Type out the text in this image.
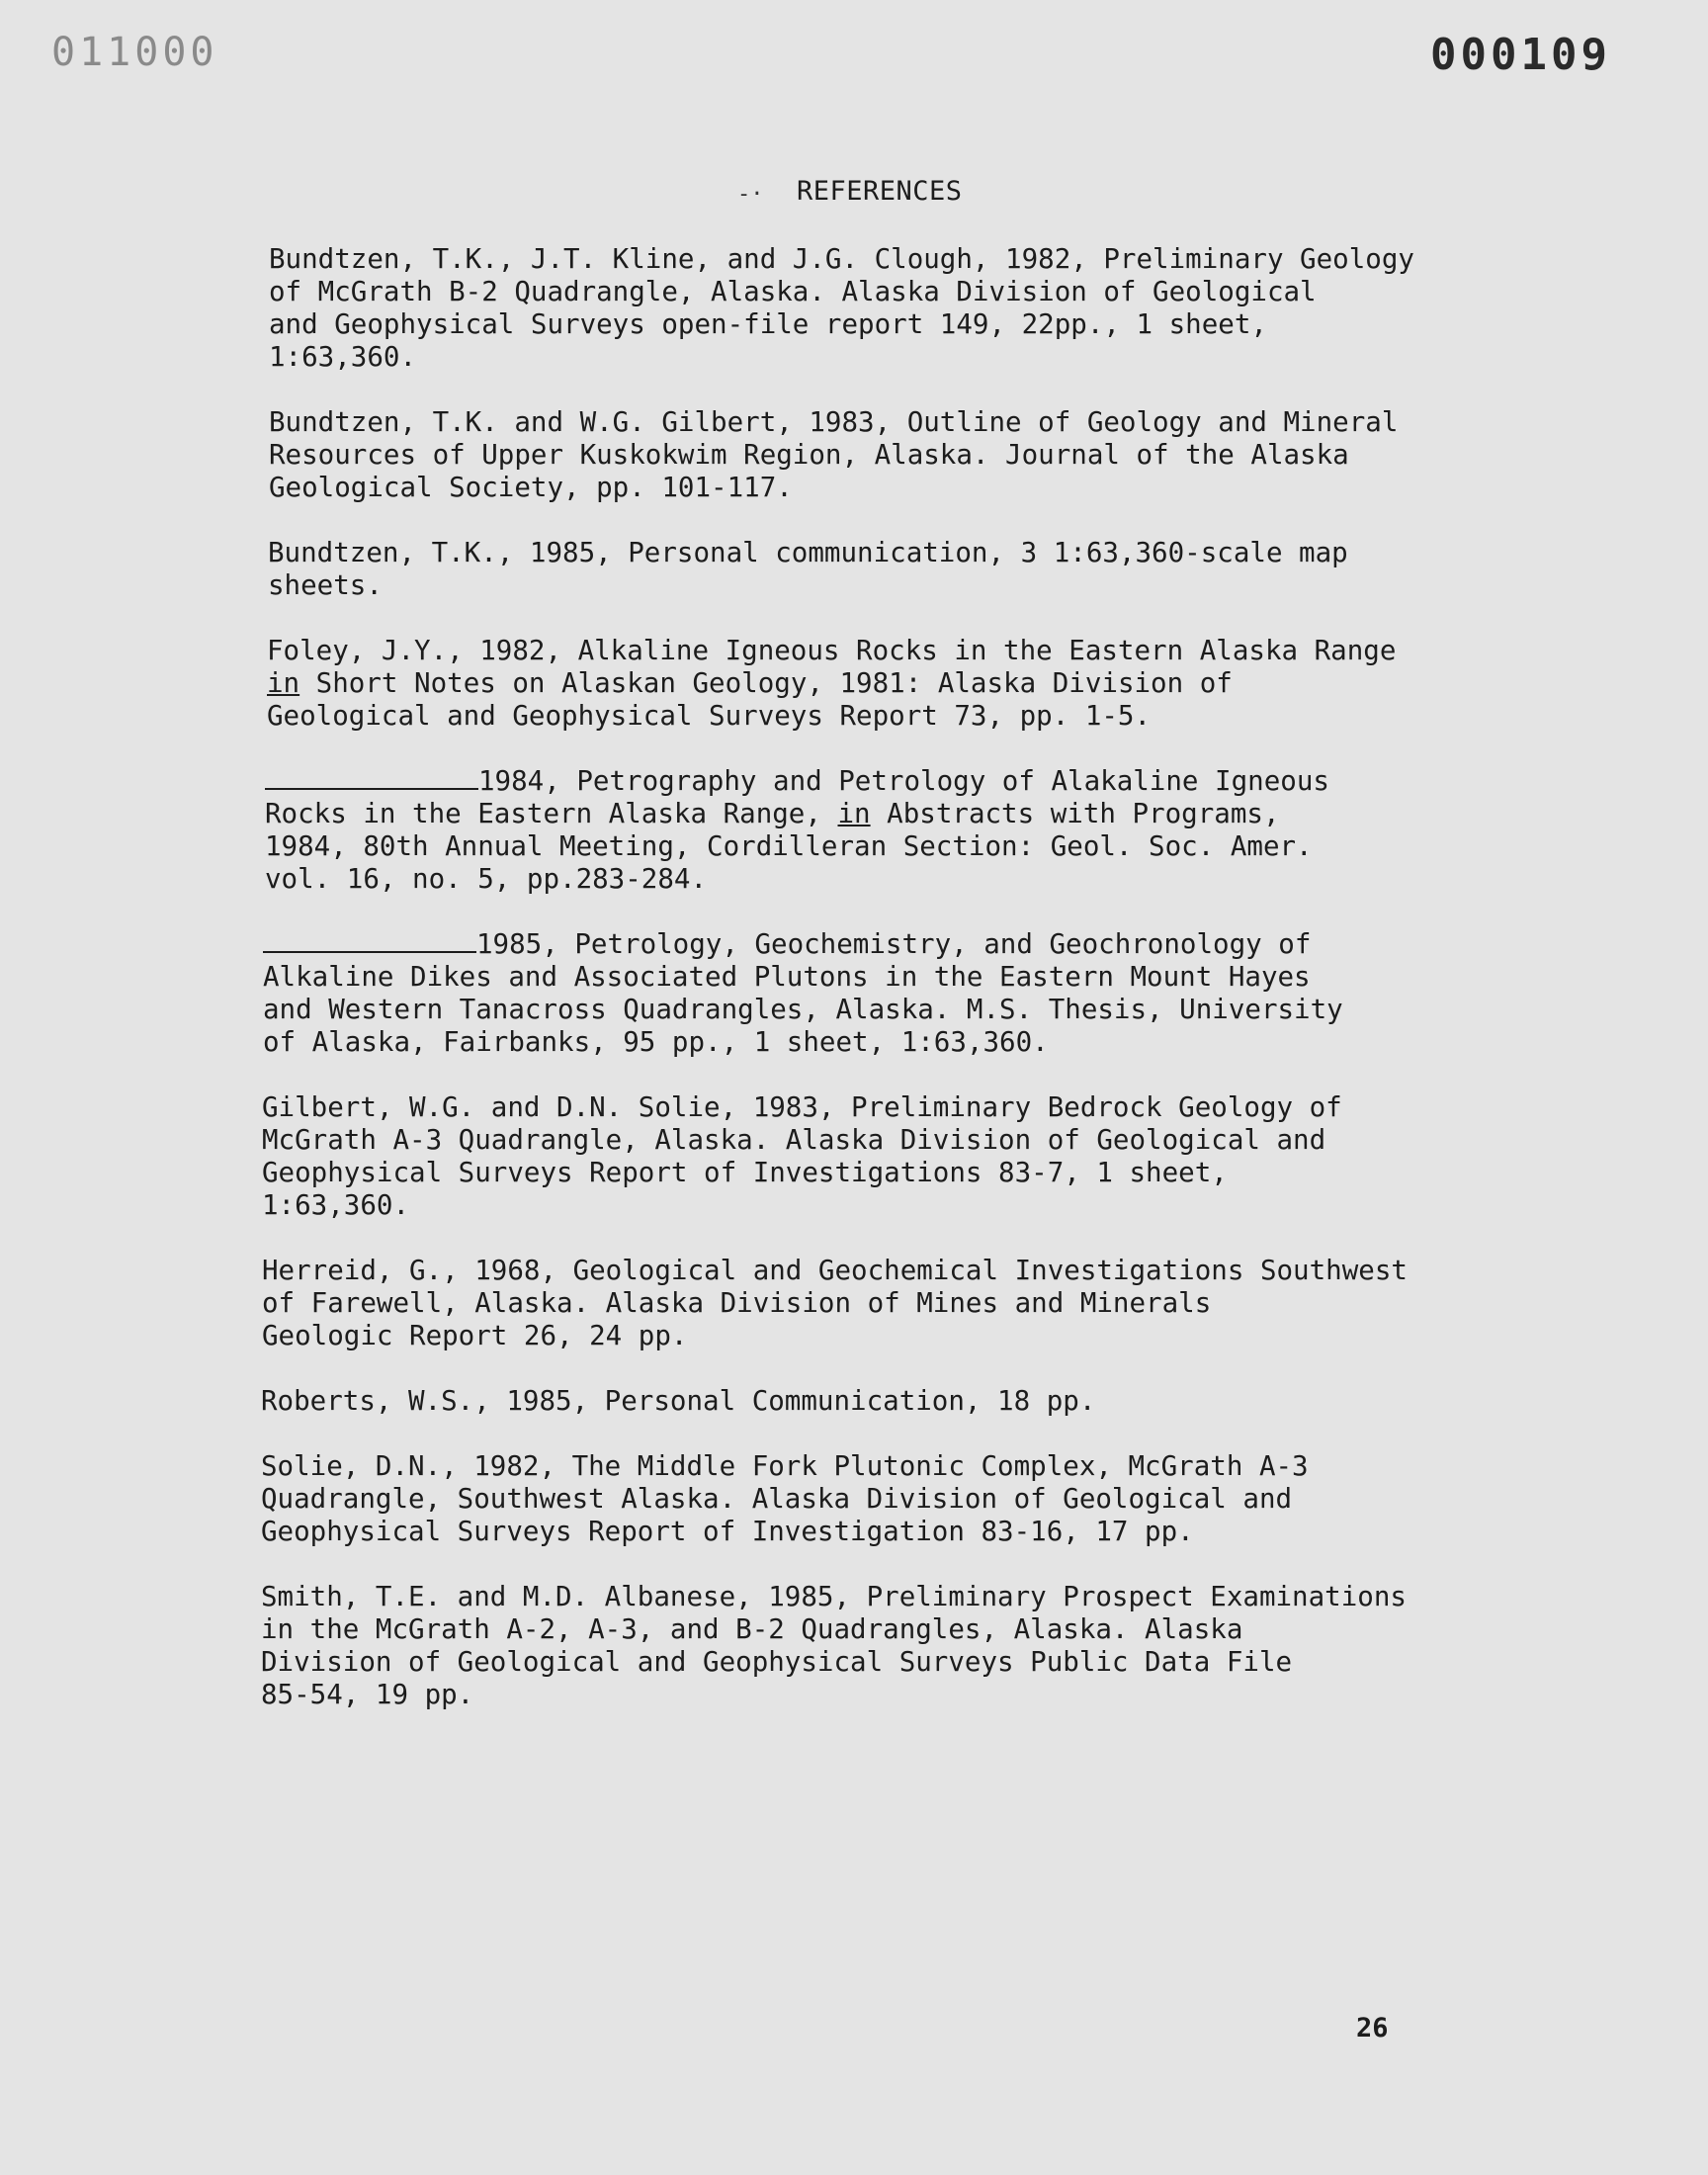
011000	000109
-· REFERENCES
Bundtzen, T.K., J.T. Kline, and J.G. Clough, 1982, Preliminary Geology
of McGrath B-2 Quadrangle, Alaska. Alaska Division of Geological
and Geophysical Surveys open-file report 149, 22pp., 1 sheet,
1:63,360.
Bundtzen, T.K. and W.G. Gilbert, 1983, Outline of Geology and Mineral
Resources of Upper Kuskokwim Region, Alaska. Journal of the Alaska
Geological Society, pp. 101-117.
Bundtzen, T.K., 1985, Personal communication, 3 1:63,360-scale map
sheets.
Foley, J.Y., 1982, Alkaline Igneous Rocks in the Eastern Alaska Range
in Short Notes on Alaskan Geology, 1981: Alaska Division of
Geological and Geophysical Surveys Report 73, pp. 1-5.
1984, Petrography and Petrology of Alakaline Igneous
Rocks in the Eastern Alaska Range, in Abstracts with Programs,
1984, 80th Annual Meeting, Cordilleran Section: Geol. Soc. Amer.
vol. 16, no. 5, pp.283-284.
1985, Petrology, Geochemistry, and Geochronology of
Alkaline Dikes and Associated Plutons in the Eastern Mount Hayes
and Western Tanacross Quadrangles, Alaska. M.S. Thesis, University
of Alaska, Fairbanks, 95 pp., 1 sheet, 1:63,360.
Gilbert, W.G. and D.N. Solie, 1983, Preliminary Bedrock Geology of
McGrath A-3 Quadrangle, Alaska. Alaska Division of Geological and
Geophysical Surveys Report of Investigations 83-7, 1 sheet,
1:63,360.
Herreid, G., 1968, Geological and Geochemical Investigations Southwest
of Farewell, Alaska. Alaska Division of Mines and Minerals
Geologic Report 26, 24 pp.
Roberts, W.S., 1985, Personal Communication, 18 pp.
Solie, D.N., 1982, The Middle Fork Plutonic Complex, McGrath A-3
Quadrangle, Southwest Alaska. Alaska Division of Geological and
Geophysical Surveys Report of Investigation 83-16, 17 pp.
Smith, T.E. and M.D. Albanese, 1985, Preliminary Prospect Examinations
in the McGrath A-2, A-3, and B-2 Quadrangles, Alaska. Alaska
Division of Geological and Geophysical Surveys Public Data File
85-54, 19 pp.
26
